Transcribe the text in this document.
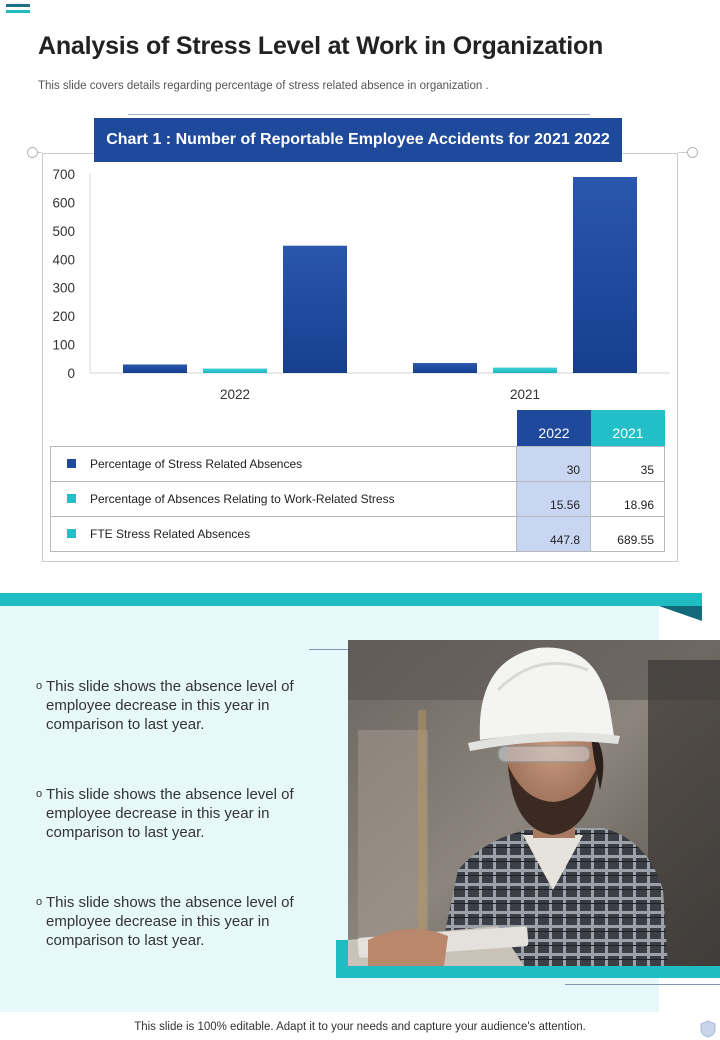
Analysis of Stress Level at Work in Organization

This slide covers details regarding percentage of stress related absence in organization .

0
100
200
300
400
500
600
700
2022	2021
2022	2021
Percentage of Stress Related Absences	30	35
Percentage of Absences Relating to Work-Related Stress	15.56	18.96
FTE Stress Related Absences	447.8	689.55
Chart 1 : Number of Reportable Employee Accidents for 2021 2022
o This slide shows the absence level of employee decrease in this year in comparison to last year.
o This slide shows the absence level of employee decrease in this year in comparison to last year.
o This slide shows the absence level of employee decrease in this year in comparison to last year.

This slide is 100% editable. Adapt it to your needs and capture your audience's attention.
